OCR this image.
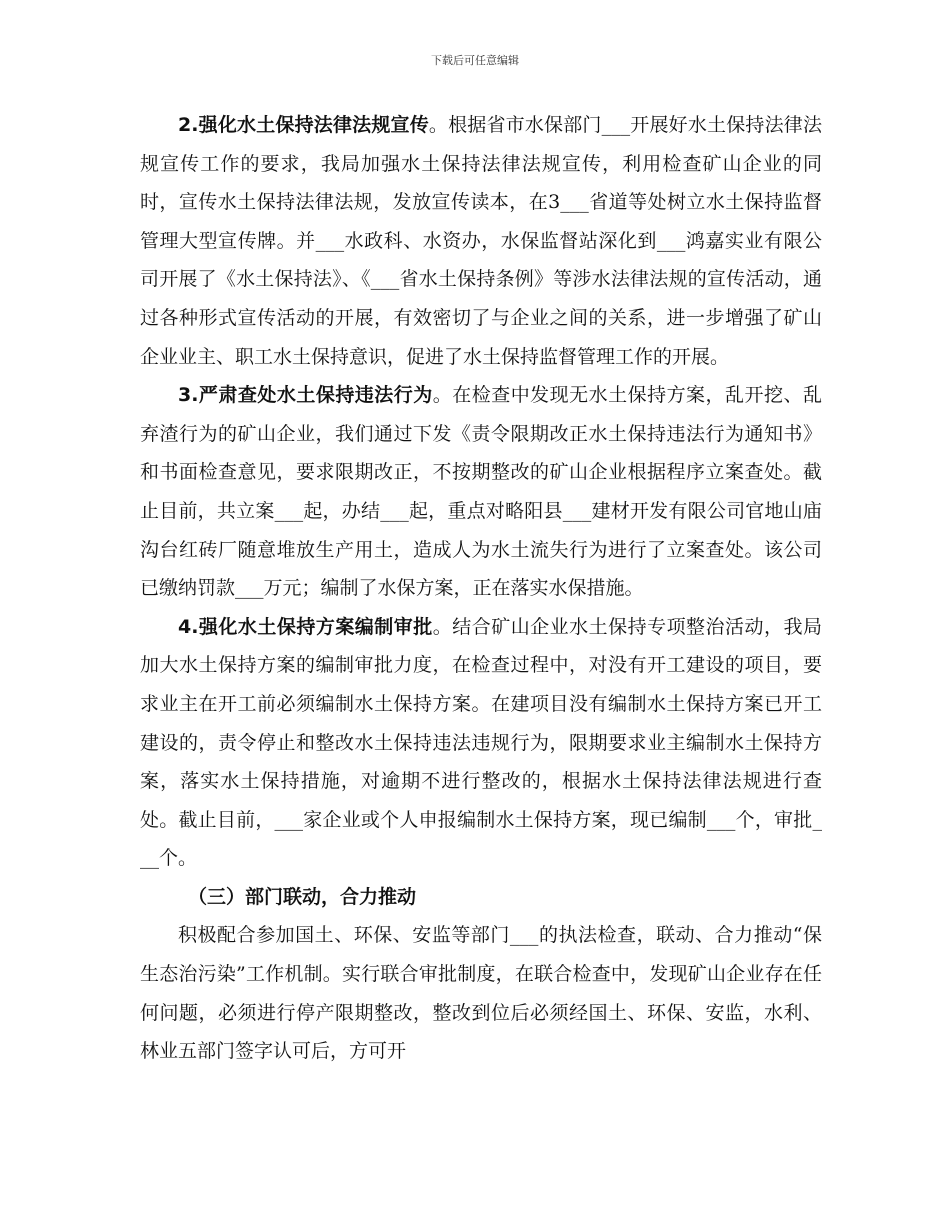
下载后可任意编辑

2.强化水土保持法律法规宣传。根据省市水保部门___开展好水土保持法律法规宣传工作的要求，我局加强水土保持法律法规宣传，利用检查矿山企业的同时，宣传水土保持法律法规，发放宣传读本，在3___省道等处树立水土保持监督管理大型宣传牌。并___水政科、水资办，水保监督站深化到___鸿嘉实业有限公司开展了《水土保持法》、《___省水土保持条例》等涉水法律法规的宣传活动，通过各种形式宣传活动的开展，有效密切了与企业之间的关系，进一步增强了矿山企业业主、职工水土保持意识，促进了水土保持监督管理工作的开展。

3.严肃查处水土保持违法行为。在检查中发现无水土保持方案，乱开挖、乱弃渣行为的矿山企业，我们通过下发《责令限期改正水土保持违法行为通知书》和书面检查意见，要求限期改正，不按期整改的矿山企业根据程序立案查处。截止目前，共立案___起，办结___起，重点对略阳县___建材开发有限公司官地山庙沟台红砖厂随意堆放生产用土，造成人为水土流失行为进行了立案查处。该公司已缴纳罚款___万元；编制了水保方案，正在落实水保措施。

4.强化水土保持方案编制审批。结合矿山企业水土保持专项整治活动，我局加大水土保持方案的编制审批力度，在检查过程中，对没有开工建设的项目，要求业主在开工前必须编制水土保持方案。在建项目没有编制水土保持方案已开工建设的，责令停止和整改水土保持违法违规行为，限期要求业主编制水土保持方案，落实水土保持措施，对逾期不进行整改的，根据水土保持法律法规进行查处。截止目前，___家企业或个人申报编制水土保持方案，现已编制___个，审批___个。

（三）部门联动，合力推动

积极配合参加国土、环保、安监等部门___的执法检查，联动、合力推动“保生态治污染”工作机制。实行联合审批制度，在联合检查中，发现矿山企业存在任何问题，必须进行停产限期整改，整改到位后必须经国土、环保、安监，水利、林业五部门签字认可后，方可开
